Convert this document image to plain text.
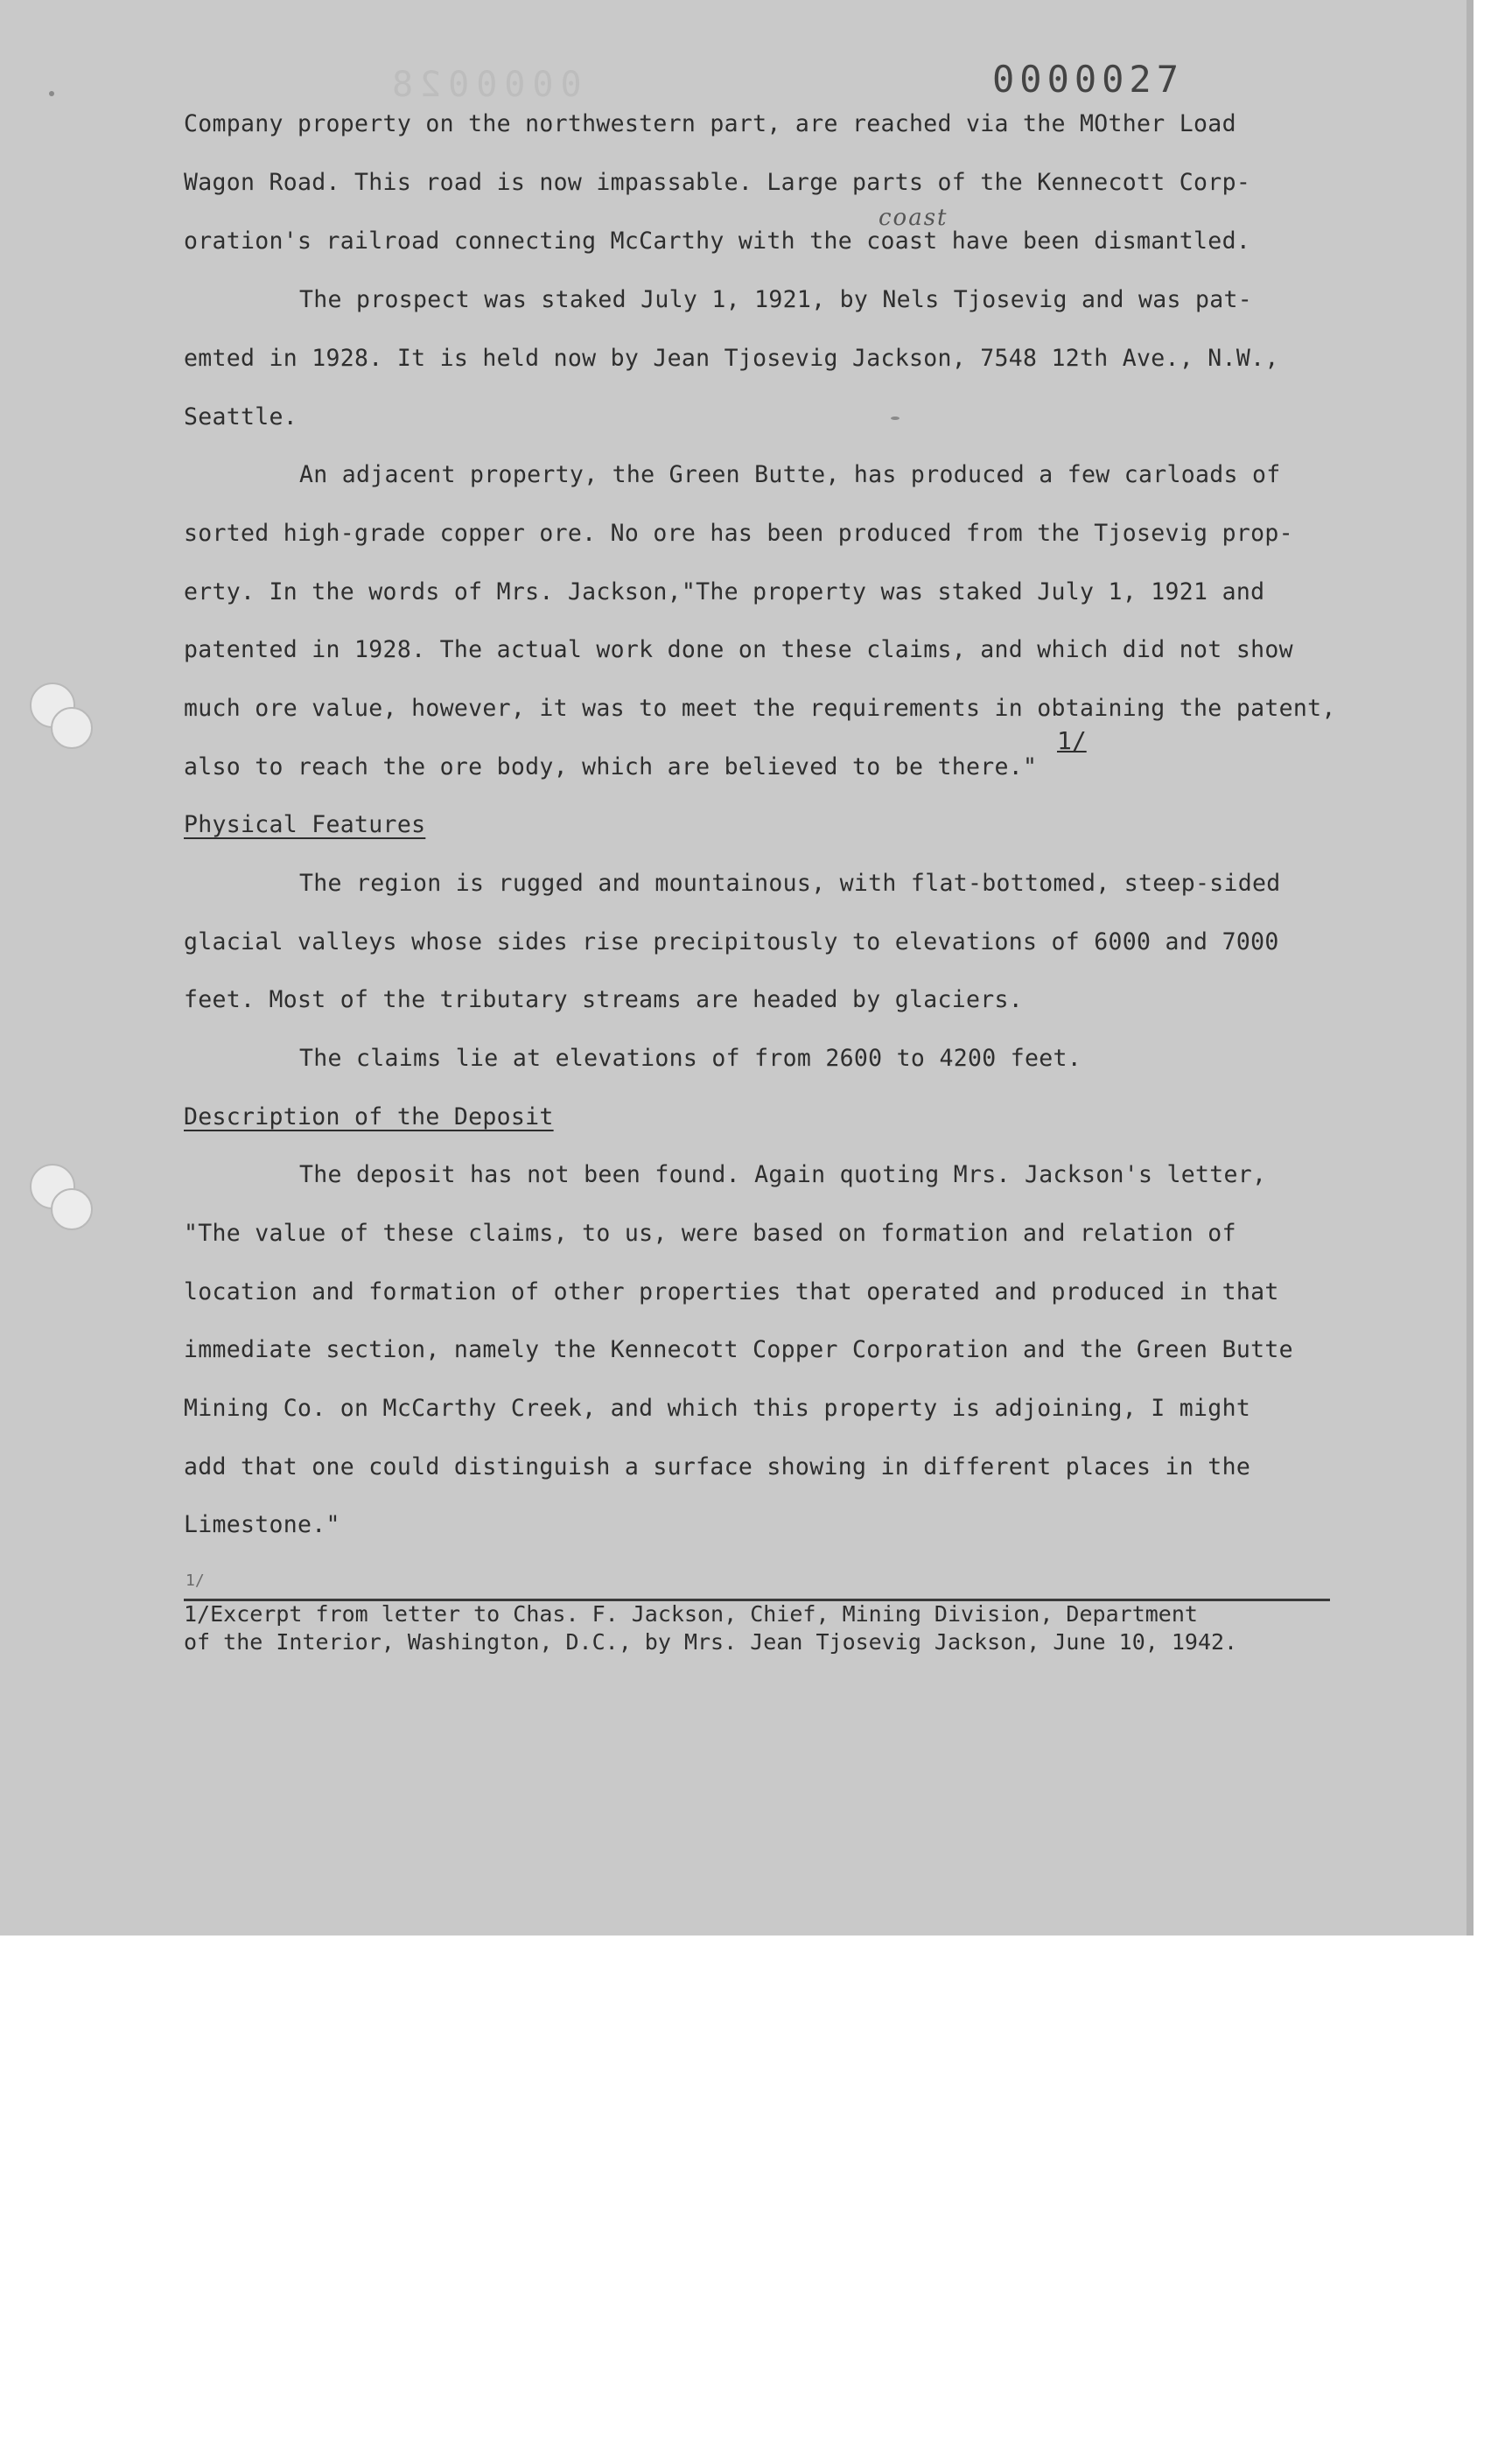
0000028	0000027
coast
Company property on the northwestern part, are reached via the MOther Load
Wagon Road. This road is now impassable. Large parts of the Kennecott Corp-
oration's railroad connecting McCarthy with the coast have been dismantled.
The prospect was staked July 1, 1921, by Nels Tjosevig and was pat-
emted in 1928. It is held now by Jean Tjosevig Jackson, 7548 12th Ave., N.W.,
Seattle.
An adjacent property, the Green Butte, has produced a few carloads of
sorted high-grade copper ore. No ore has been produced from the Tjosevig prop-
erty. In the words of Mrs. Jackson,"The property was staked July 1, 1921 and
patented in 1928. The actual work done on these claims, and which did not show
much ore value, however, it was to meet the requirements in obtaining the patent,
1/
also to reach the ore body, which are believed to be there."
Physical Features
The region is rugged and mountainous, with flat-bottomed, steep-sided
glacial valleys whose sides rise precipitously to elevations of 6000 and 7000
feet. Most of the tributary streams are headed by glaciers.
The claims lie at elevations of from 2600 to 4200 feet.
Description of the Deposit
The deposit has not been found. Again quoting Mrs. Jackson's letter,
"The value of these claims, to us, were based on formation and relation of
location and formation of other properties that operated and produced in that
immediate section, namely the Kennecott Copper Corporation and the Green Butte
Mining Co. on McCarthy Creek, and which this property is adjoining, I might
add that one could distinguish a surface showing in different places in the
Limestone."
1/
1/Excerpt from letter to Chas. F. Jackson, Chief, Mining Division, Department
of the Interior, Washington, D.C., by Mrs. Jean Tjosevig Jackson, June 10, 1942.
